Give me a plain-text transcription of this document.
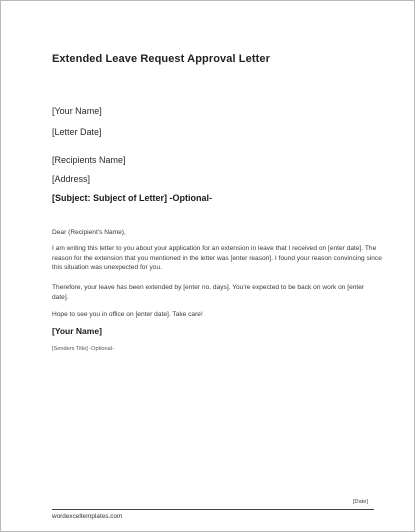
Extended Leave Request Approval Letter
[Your Name]
[Letter Date]
[Recipients Name]
[Address]
[Subject: Subject of Letter] -Optional-
Dear (Recipient's Name),
I am writing this letter to you about your application for an extension in leave that I received on [enter date]. The reason for the extension that you mentioned in the letter was [enter reason]. I found your reason convincing since this situation was unexpected for you.
Therefore, your leave has been extended by [enter no. days]. You're expected to be back on work on [enter date].
Hope to see you in office on [enter date]. Take care!
[Your Name]
[Senders Title] -Optional-
[Date]
wordexceltemplates.com
